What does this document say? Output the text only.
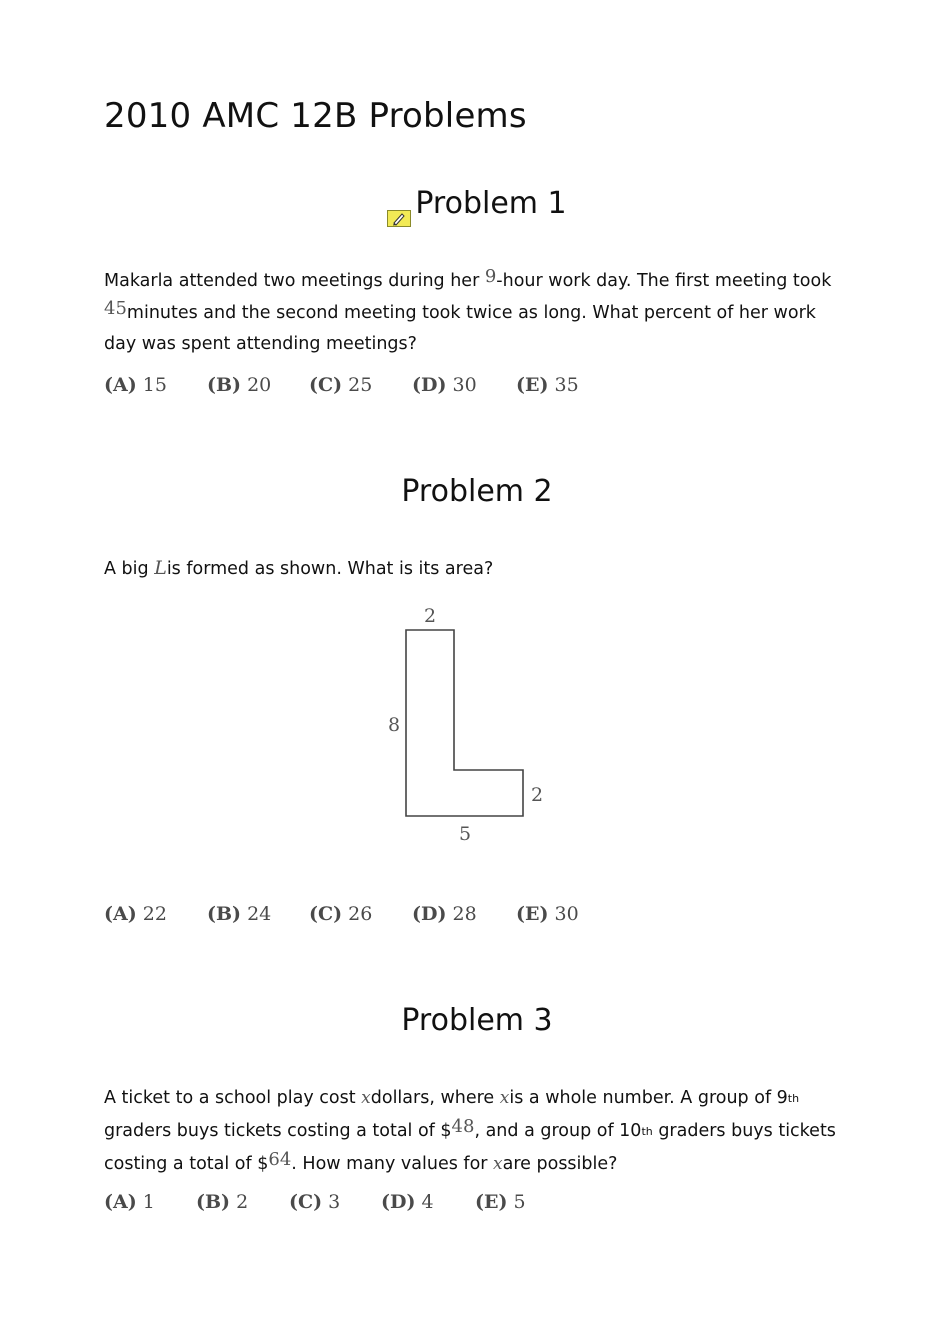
2010 AMC 12B Problems
Problem 1

Makarla attended two meetings during her 9-hour work day. The first meeting took 45minutes and the second meeting took twice as long. What percent of her work day was spent attending meetings?

(A) 15 (B) 20 (C) 25 (D) 30 (E) 35
Problem 2

A big Lis formed as shown. What is its area?

2
8
2
5
(A) 22 (B) 24 (C) 26 (D) 28 (E) 30
Problem 3

A ticket to a school play cost xdollars, where xis a whole number. A group of 9th graders buys tickets costing a total of $48, and a group of 10th graders buys tickets costing a total of $64. How many values for xare possible?

(A) 1 (B) 2 (C) 3 (D) 4 (E) 5
